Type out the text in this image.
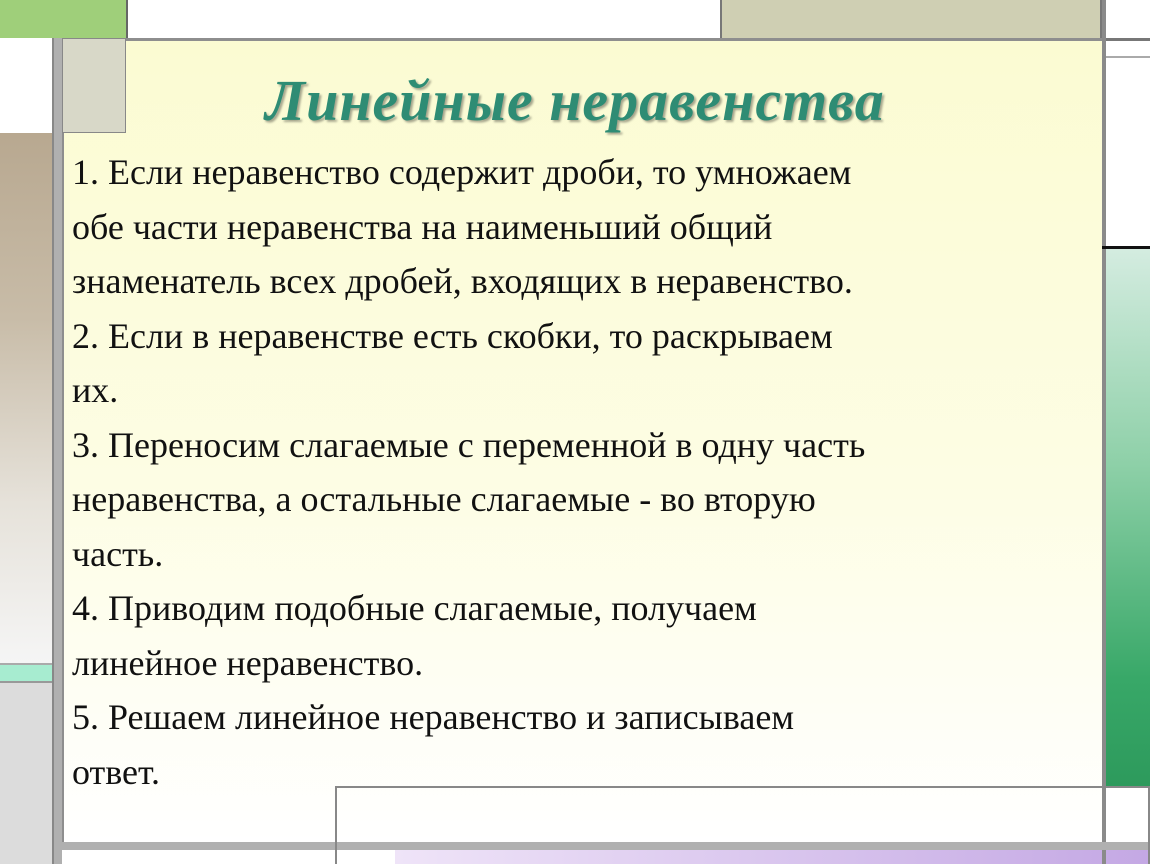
Линейные неравенства
1. Если неравенство содержит дроби, то умножаем
обе части неравенства на наименьший общий
знаменатель всех дробей, входящих в неравенство.
2. Если в неравенстве есть скобки, то раскрываем
их.
3. Переносим слагаемые с переменной в одну часть
неравенства, а остальные слагаемые - во вторую
часть.
4. Приводим подобные слагаемые, получаем
линейное неравенство.
5. Решаем линейное неравенство и записываем
ответ.
